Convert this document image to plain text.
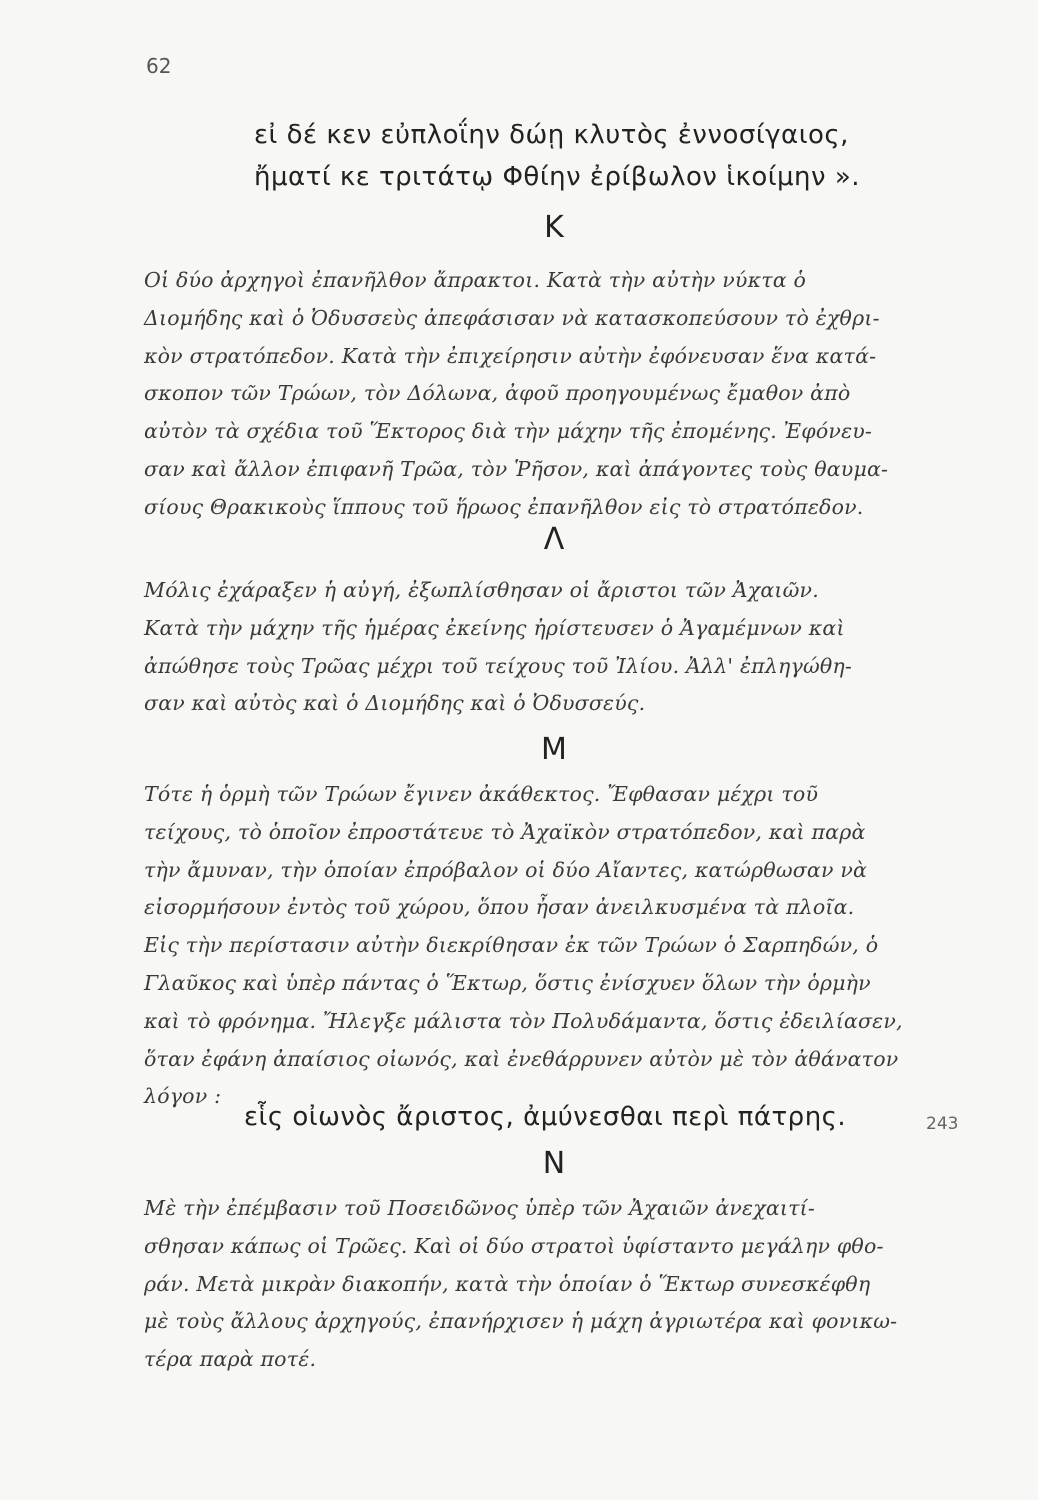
62
εἰ δέ κεν εὐπλοΐην δώῃ κλυτὸς ἐννοσίγαιος,
ἤματί κε τριτάτῳ Φθίην ἐρίβωλον ἱκοίμην ».
Κ
Οἱ δύο ἀρχηγοὶ ἐπανῆλθον ἄπρακτοι. Κατὰ τὴν αὐτὴν νύκτα ὁ
Διομήδης καὶ ὁ Ὀδυσσεὺς ἀπεφάσισαν νὰ κατασκοπεύσουν τὸ ἐχθρι-
κὸν στρατόπεδον. Κατὰ τὴν ἐπιχείρησιν αὐτὴν ἐφόνευσαν ἕνα κατά-
σκοπον τῶν Τρώων, τὸν Δόλωνα, ἀφοῦ προηγουμένως ἔμαθον ἀπὸ
αὐτὸν τὰ σχέδια τοῦ Ἕκτορος διὰ τὴν μάχην τῆς ἐπομένης. Ἐφόνευ-
σαν καὶ ἄλλον ἐπιφανῆ Τρῶα, τὸν Ῥῆσον, καὶ ἀπάγοντες τοὺς θαυμα-
σίους Θρακικοὺς ἵππους τοῦ ἥρωος ἐπανῆλθον εἰς τὸ στρατόπεδον.
Λ
Μόλις ἐχάραξεν ἡ αὐγή, ἐξωπλίσθησαν οἱ ἄριστοι τῶν Ἀχαιῶν.
Κατὰ τὴν μάχην τῆς ἡμέρας ἐκείνης ἠρίστευσεν ὁ Ἀγαμέμνων καὶ
ἀπώθησε τοὺς Τρῶας μέχρι τοῦ τείχους τοῦ Ἰλίου. Ἀλλ' ἐπληγώθη-
σαν καὶ αὐτὸς καὶ ὁ Διομήδης καὶ ὁ Ὀδυσσεύς.
Μ
Τότε ἡ ὁρμὴ τῶν Τρώων ἔγινεν ἀκάθεκτος. Ἔφθασαν μέχρι τοῦ
τείχους, τὸ ὁποῖον ἐπροστάτευε τὸ Ἀχαϊκὸν στρατόπεδον, καὶ παρὰ
τὴν ἄμυναν, τὴν ὁποίαν ἐπρόβαλον οἱ δύο Αἴαντες, κατώρθωσαν νὰ
εἰσορμήσουν ἐντὸς τοῦ χώρου, ὅπου ἦσαν ἀνειλκυσμένα τὰ πλοῖα.
Εἰς τὴν περίστασιν αὐτὴν διεκρίθησαν ἐκ τῶν Τρώων ὁ Σαρπηδών, ὁ
Γλαῦκος καὶ ὑπὲρ πάντας ὁ Ἕκτωρ, ὅστις ἐνίσχυεν ὅλων τὴν ὁρμὴν
καὶ τὸ φρόνημα. Ἤλεγξε μάλιστα τὸν Πολυδάμαντα, ὅστις ἐδειλίασεν,
ὅταν ἐφάνη ἀπαίσιος οἰωνός, καὶ ἐνεθάρρυνεν αὐτὸν μὲ τὸν ἀθάνατον
λόγον :
εἷς οἰωνὸς ἄριστος, ἀμύνεσθαι περὶ πάτρης.	243
Ν
Μὲ τὴν ἐπέμβασιν τοῦ Ποσειδῶνος ὑπὲρ τῶν Ἀχαιῶν ἀνεχαιτί-
σθησαν κάπως οἱ Τρῶες. Καὶ οἱ δύο στρατοὶ ὑφίσταντο μεγάλην φθο-
ράν. Μετὰ μικρὰν διακοπήν, κατὰ τὴν ὁποίαν ὁ Ἕκτωρ συνεσκέφθη
μὲ τοὺς ἄλλους ἀρχηγούς, ἐπανήρχισεν ἡ μάχη ἀγριωτέρα καὶ φονικω-
τέρα παρὰ ποτέ.
